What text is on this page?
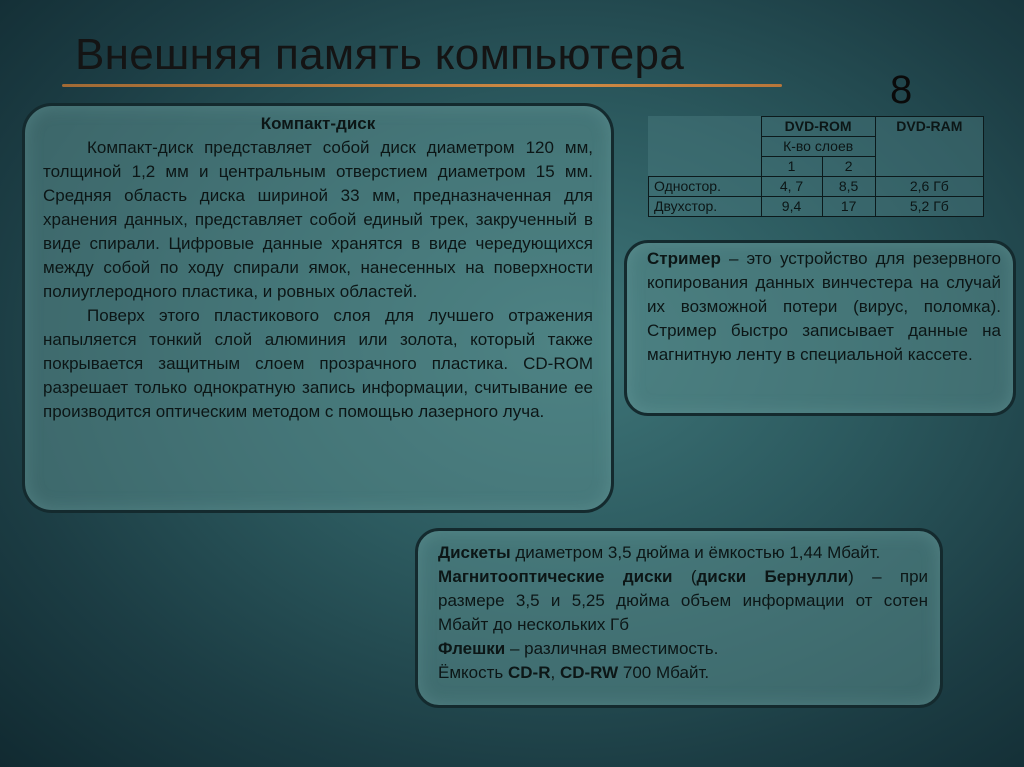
Внешняя память компьютера
8

Компакт-диск

Компакт-диск представляет собой диск диаметром 120 мм, толщиной 1,2 мм и центральным отверстием диаметром 15 мм. Средняя область диска шириной 33 мм, предназначенная для хранения данных, представляет собой единый трек, закрученный в виде спирали. Цифровые данные хранятся в виде чередующихся между собой по ходу спирали ямок, нанесенных на поверхности полиуглеродного пластика, и ровных областей.

Поверх этого пластикового слоя для лучшего отражения напыляется тонкий слой алюминия или золота, который также покрывается защитным слоем прозрачного пластика. CD-ROM разрешает только однократную запись информации, считывание ее производится оптическим методом с помощью лазерного луча.

	DVD-ROM		DVD-RAM
	К-во слоев		
	1	2	
Одностор.	4, 7	8,5	2,6 Гб
Двухстор.	9,4	17	5,2 Гб

Стример – это устройство для резервного копирования данных винчестера на случай их возможной потери (вирус, поломка). Стример быстро записывает данные на магнитную ленту в специальной кассете.

Дискеты диаметром 3,5 дюйма и ёмкостью 1,44 Мбайт.

Магнитооптические диски (диски Бернулли) – при размере 3,5 и 5,25 дюйма объем информации от сотен Мбайт до нескольких Гб

Флешки – различная вместимость.

Ёмкость CD-R, CD-RW 700 Мбайт.
